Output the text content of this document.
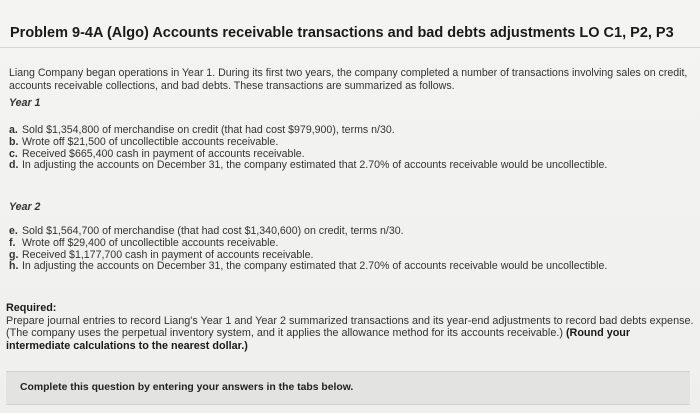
Problem 9-4A (Algo) Accounts receivable transactions and bad debts adjustments LO C1, P2, P3
Liang Company began operations in Year 1. During its first two years, the company completed a number of transactions involving sales on credit, accounts receivable collections, and bad debts. These transactions are summarized as follows.
Year 1
a. Sold $1,354,800 of merchandise on credit (that had cost $979,900), terms n/30.
b. Wrote off $21,500 of uncollectible accounts receivable.
c. Received $665,400 cash in payment of accounts receivable.
d. In adjusting the accounts on December 31, the company estimated that 2.70% of accounts receivable would be uncollectible.
Year 2
e. Sold $1,564,700 of merchandise (that had cost $1,340,600) on credit, terms n/30.
f. Wrote off $29,400 of uncollectible accounts receivable.
g. Received $1,177,700 cash in payment of accounts receivable.
h. In adjusting the accounts on December 31, the company estimated that 2.70% of accounts receivable would be uncollectible.
Required:
Prepare journal entries to record Liang's Year 1 and Year 2 summarized transactions and its year-end adjustments to record bad debts expense. (The company uses the perpetual inventory system, and it applies the allowance method for its accounts receivable.) (Round your intermediate calculations to the nearest dollar.)
Complete this question by entering your answers in the tabs below.
